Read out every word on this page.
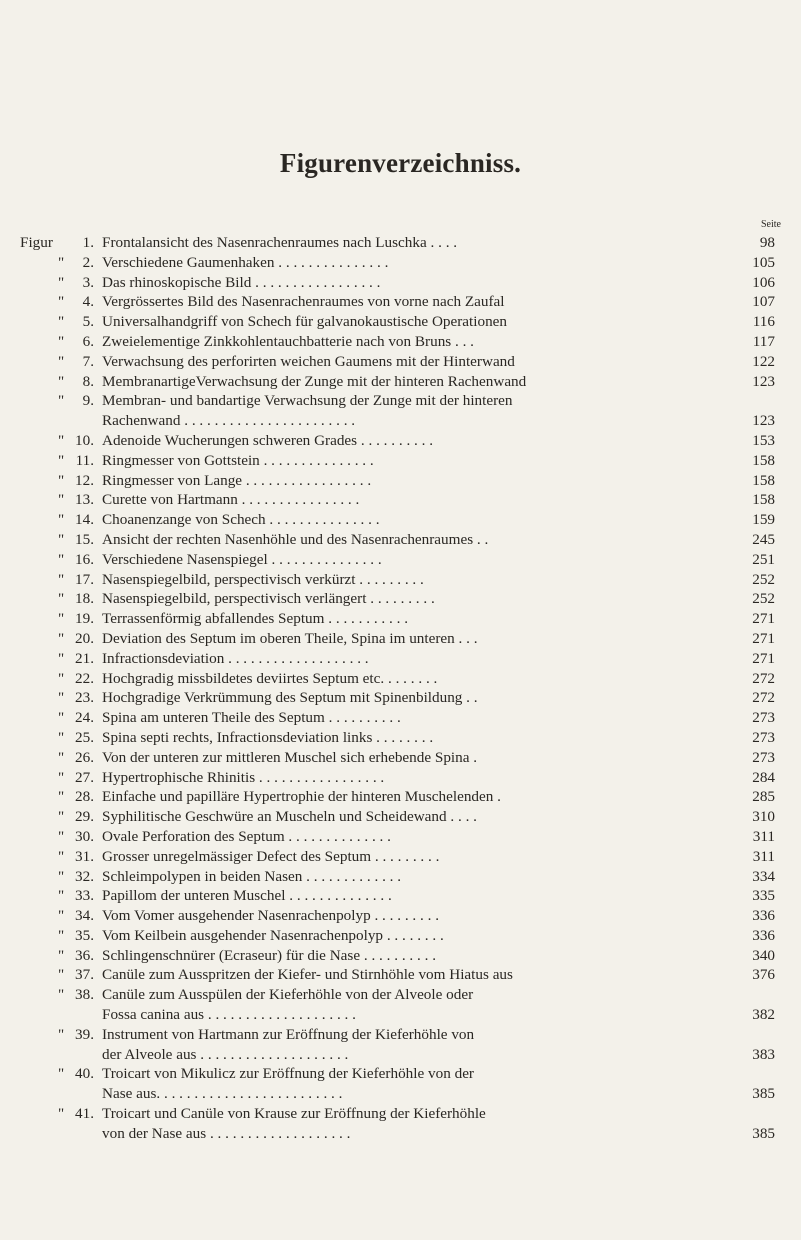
Figurenverzeichniss.
Seite
Figur	1. Frontalansicht des Nasenrachenraumes nach Luschka . . . .	98
"	2. Verschiedene Gaumenhaken . . . . . . . . . . . . . . .	105
"	3. Das rhinoskopische Bild . . . . . . . . . . . . . . . . .	106
"	4. Vergrössertes Bild des Nasenrachenraumes von vorne nach Zaufal	107
"	5. Universalhandgriff von Schech für galvanokaustische Operationen	116
"	6. Zweielementige Zinkkohlentauchbatterie nach von Bruns . . .	117
"	7. Verwachsung des perforirten weichen Gaumens mit der Hinterwand	122
"	8. MembranartigeVerwachsung der Zunge mit der hinteren Rachenwand	123
"	9. Membran- und bandartige Verwachsung der Zunge mit der hinteren
Rachenwand . . . . . . . . . . . . . . . . . . . . . . .	123
" 10. Adenoide Wucherungen schweren Grades . . . . . . . . . .	153
" 11. Ringmesser von Gottstein . . . . . . . . . . . . . . .	158
" 12. Ringmesser von Lange . . . . . . . . . . . . . . . . .	158
" 13. Curette von Hartmann . . . . . . . . . . . . . . . .	158
" 14. Choanenzange von Schech . . . . . . . . . . . . . . .	159
" 15. Ansicht der rechten Nasenhöhle und des Nasenrachenraumes . .	245
" 16. Verschiedene Nasenspiegel . . . . . . . . . . . . . . .	251
" 17. Nasenspiegelbild, perspectivisch verkürzt . . . . . . . . .	252
" 18. Nasenspiegelbild, perspectivisch verlängert . . . . . . . . .	252
" 19. Terrassenförmig abfallendes Septum . . . . . . . . . . .	271
" 20. Deviation des Septum im oberen Theile, Spina im unteren . . .	271
" 21. Infractionsdeviation . . . . . . . . . . . . . . . . . . .	271
" 22. Hochgradig missbildetes deviirtes Septum etc. . . . . . . .	272
" 23. Hochgradige Verkrümmung des Septum mit Spinenbildung . .	272
" 24. Spina am unteren Theile des Septum . . . . . . . . . .	273
" 25. Spina septi rechts, Infractionsdeviation links . . . . . . . .	273
" 26. Von der unteren zur mittleren Muschel sich erhebende Spina .	273
" 27. Hypertrophische Rhinitis . . . . . . . . . . . . . . . . .	284
" 28. Einfache und papilläre Hypertrophie der hinteren Muschelenden .	285
" 29. Syphilitische Geschwüre an Muscheln und Scheidewand . . . .	310
" 30. Ovale Perforation des Septum . . . . . . . . . . . . . .	311
" 31. Grosser unregelmässiger Defect des Septum . . . . . . . . .	311
" 32. Schleimpolypen in beiden Nasen . . . . . . . . . . . . .	334
" 33. Papillom der unteren Muschel . . . . . . . . . . . . . .	335
" 34. Vom Vomer ausgehender Nasenrachenpolyp . . . . . . . . .	336
" 35. Vom Keilbein ausgehender Nasenrachenpolyp . . . . . . . .	336
" 36. Schlingenschnürer (Ecraseur) für die Nase . . . . . . . . . .	340
" 37. Canüle zum Ausspritzen der Kiefer- und Stirnhöhle vom Hiatus aus	376
" 38. Canüle zum Ausspülen der Kieferhöhle von der Alveole oder
Fossa canina aus . . . . . . . . . . . . . . . . . . . .	382
" 39. Instrument von Hartmann zur Eröffnung der Kieferhöhle von
der Alveole aus . . . . . . . . . . . . . . . . . . . .	383
" 40. Troicart von Mikulicz zur Eröffnung der Kieferhöhle von der
Nase aus. . . . . . . . . . . . . . . . . . . . . . . . .	385
" 41. Troicart und Canüle von Krause zur Eröffnung der Kieferhöhle
von der Nase aus . . . . . . . . . . . . . . . . . . .	385
